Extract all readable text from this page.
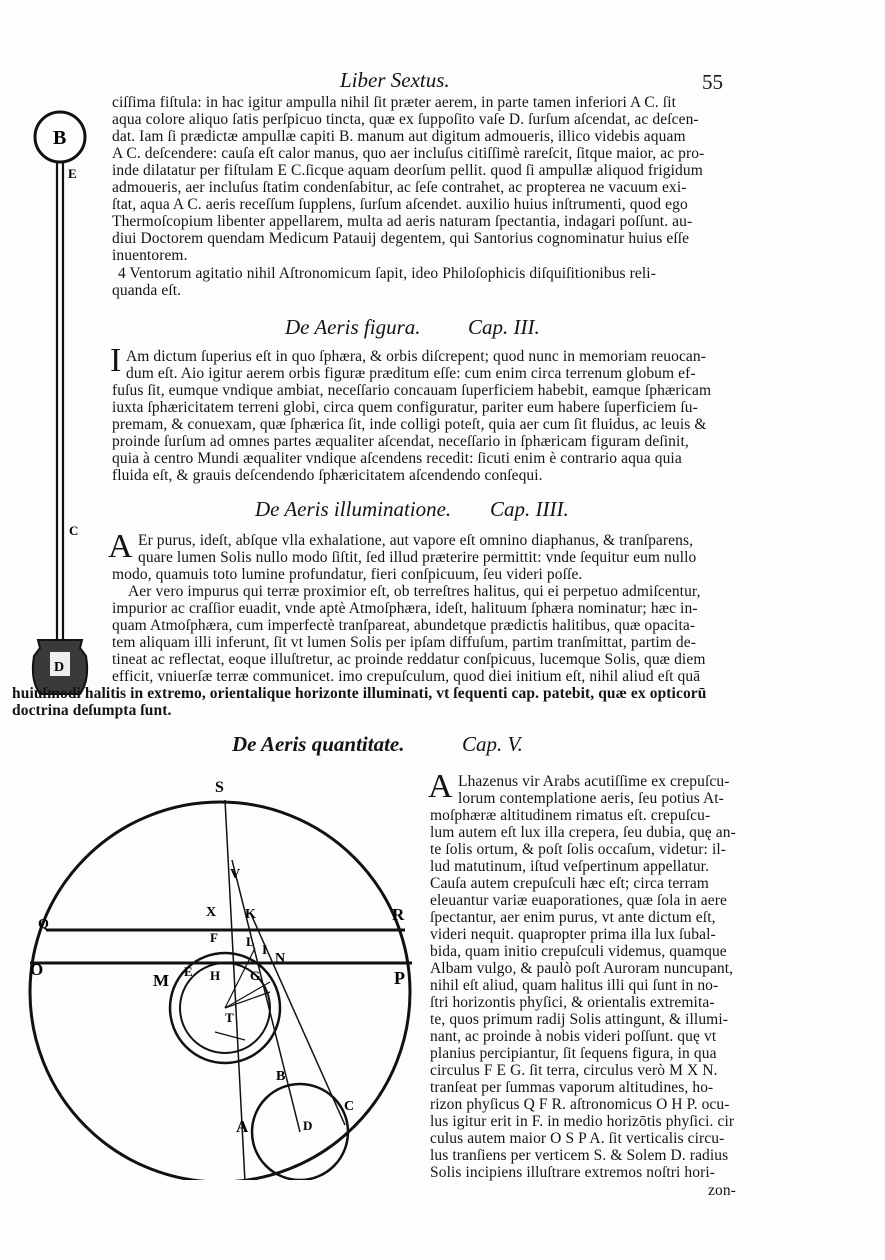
Liber Sextus.	55
B
E
C
D
ciſſima fiſtula: in hac igitur ampulla nihil ſit præter aerem, in parte tamen inferiori A C. ſit
aqua colore aliquo ſatis perſpicuo tincta, quæ ex ſuppoſito vaſe D. ſurſum aſcendat, ac deſcen-
dat. Iam ſi prædictæ ampullæ capiti B. manum aut digitum admoueris, illico videbis aquam
A C. deſcendere: cauſa eſt calor manus, quo aer incluſus citiſſimè rareſcit, ſitque maior, ac pro-
inde dilatatur per fiſtulam E C.ſicque aquam deorſum pellit. quod ſi ampullæ aliquod frigidum
admoueris, aer incluſus ſtatim condenſabitur, ac ſeſe contrahet, ac propterea ne vacuum exi-
ſtat, aqua A C. aeris receſſum ſupplens, ſurſum aſcendet. auxilio huius inſtrumenti, quod ego
Thermoſcopium libenter appellarem, multa ad aeris naturam ſpectantia, indagari poſſunt. au-
diui Doctorem quendam Medicum Patauij degentem, qui Santorius cognominatur huius eſſe
inuentorem.
4 Ventorum agitatio nihil Aſtronomicum ſapit, ideo Philoſophicis diſquiſitionibus reli-
quanda eſt.
De Aeris figura. Cap. III.
I Am dictum ſuperius eſt in quo ſphæra, & orbis diſcrepent; quod nunc in memoriam reuocan-
dum eſt. Aio igitur aerem orbis figuræ præditum eſſe: cum enim circa terrenum globum ef-
fuſus ſit, eumque vndique ambiat, neceſſario concauam ſuperficiem habebit, eamque ſphæricam
iuxta ſphæricitatem terreni globi, circa quem configuratur, pariter eum habere ſuperficiem ſu-
premam, & conuexam, quæ ſphærica ſit, inde colligi poteſt, quia aer cum ſit fluidus, ac leuis &
proinde ſurſum ad omnes partes æqualiter aſcendat, neceſſario in ſphæricam figuram deſinit,
quia à centro Mundi æqualiter vndique aſcendens recedit: ſicuti enim è contrario aqua quia
fluida eſt, & grauis deſcendendo ſphæricitatem aſcendendo conſequi.
De Aeris illuminatione. Cap. IIII.
A Er purus, ideſt, abſque vlla exhalatione, aut vapore eſt omnino diaphanus, & tranſparens,
quare lumen Solis nullo modo ſiſtit, ſed illud præterire permittit: vnde ſequitur eum nullo
modo, quamuis toto lumine profundatur, fieri conſpicuum, ſeu videri poſſe.
Aer vero impurus qui terræ proximior eſt, ob terreſtres halitus, qui ei perpetuo admiſcentur,
impurior ac craſſior euadit, vnde aptè Atmoſphæra, ideſt, halituum ſphæra nominatur; hæc in-
quam Atmoſphæra, cum imperfectè tranſpareat, abundetque prædictis halitibus, quæ opacita-
tem aliquam illi inferunt, ſit vt lumen Solis per ipſam diffuſum, partim tranſmittat, partim de-
tineat ac reflectat, eoque illuſtretur, ac proinde reddatur conſpicuus, lucemque Solis, quæ diem
efficit, vniuerſæ terræ communicet. imo crepuſculum, quod diei initium eſt, nihil aliud eſt quā
huiuſmodi halitis in extremo, orientalique horizonte illuminati, vt ſequenti cap. patebit, quæ ex opticorū
doctrina deſumpta ſunt.
De Aeris quantitate.	Cap. V.
A Lhazenus vir Arabs acutiſſime ex crepuſcu-
lorum contemplatione aeris, ſeu potius At-
moſphæræ altitudinem rimatus eſt. crepuſcu-
lum autem eſt lux illa crepera, ſeu dubia, quę an-
te ſolis ortum, & poſt ſolis occaſum, videtur: il-
lud matutinum, iſtud veſpertinum appellatur.
Cauſa autem crepuſculi hæc eſt; circa terram
eleuantur variæ euaporationes, quæ ſola in aere
ſpectantur, aer enim purus, vt ante dictum eſt,
videri nequit. quapropter prima illa lux ſubal-
bida, quam initio crepuſculi videmus, quamque
Albam vulgo, & paulò poſt Auroram nuncupant,
nihil eſt aliud, quam halitus illi qui ſunt in no-
ſtri horizontis phyſici, & orientalis extremita-
te, quos primum radij Solis attingunt, & illumi-
nant, ac proinde à nobis videri poſſunt. quę vt
planius percipiantur, ſit ſequens figura, in qua
circulus F E G. ſit terra, circulus verò M X N.
tranſeat per ſummas vaporum altitudines, ho-
rizon phyſicus Q F R. aſtronomicus O H P. ocu-
lus igitur erit in F. in medio horizōtis phyſici. cir
culus autem maior O S P A. ſit verticalis circu-
lus tranſiens per verticem S. & Solem D. radius
Solis incipiens illuſtrare extremos noſtri hori-
zon-
S
V
X K
F L
I
R
Q
O	P
M E H G
N
T
B
C
D
A
